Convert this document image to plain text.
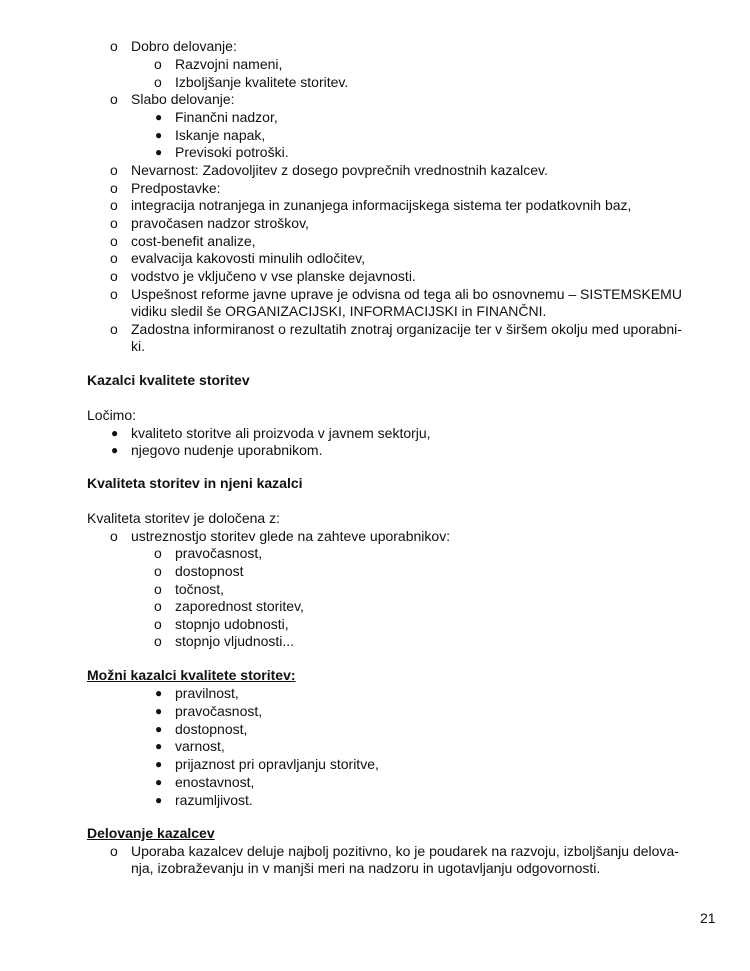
o Dobro delovanje:
o Razvojni nameni,
o Izboljšanje kvalitete storitev.
o Slabo delovanje:
● Finančni nadzor,
● Iskanje napak,
● Previsoki potroški.
o Nevarnost: Zadovoljitev z dosego povprečnih vrednostnih kazalcev.
o Predpostavke:
o integracija notranjega in zunanjega informacijskega sistema ter podatkovnih baz,
o pravočasen nadzor stroškov,
o cost-benefit analize,
o evalvacija kakovosti minulih odločitev,
o vodstvo je vključeno v vse planske dejavnosti.
o Uspešnost reforme javne uprave je odvisna od tega ali bo osnovnemu – SISTEMSKEMU
vidiku sledil še ORGANIZACIJSKI, INFORMACIJSKI in FINANČNI.
o Zadostna informiranost o rezultatih znotraj organizacije ter v širšem okolju med uporabni-
ki.
Kazalci kvalitete storitev
Ločimo:
● kvaliteto storitve ali proizvoda v javnem sektorju,
● njegovo nudenje uporabnikom.
Kvaliteta storitev in njeni kazalci
Kvaliteta storitev je določena z:
o ustreznostjo storitev glede na zahteve uporabnikov:
o pravočasnost,
o dostopnost
o točnost,
o zaporednost storitev,
o stopnjo udobnosti,
o stopnjo vljudnosti...
Možni kazalci kvalitete storitev:
● pravilnost,
● pravočasnost,
● dostopnost,
● varnost,
● prijaznost pri opravljanju storitve,
● enostavnost,
● razumljivost.
Delovanje kazalcev
o Uporaba kazalcev deluje najbolj pozitivno, ko je poudarek na razvoju, izboljšanju delova-
nja, izobraževanju in v manjši meri na nadzoru in ugotavljanju odgovornosti.
21
